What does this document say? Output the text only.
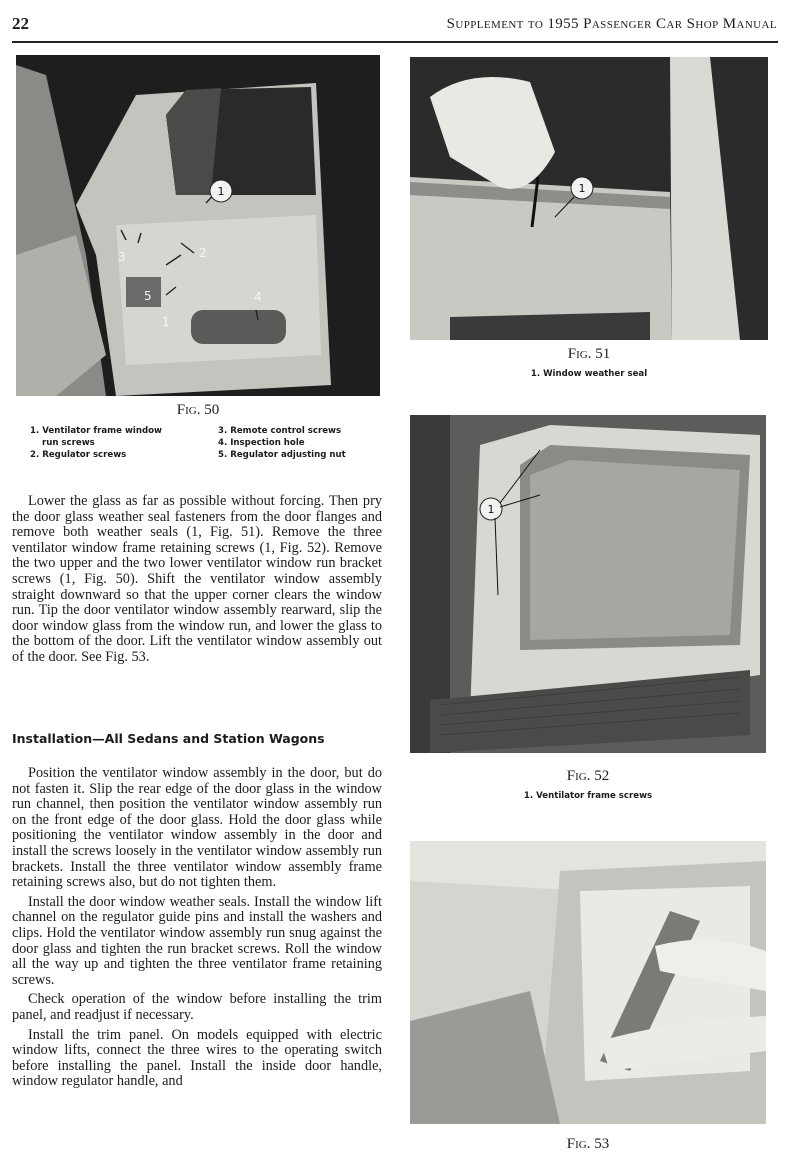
22	Supplement to 1955 Passenger Car Shop Manual
1
2
3
4
5
1
Fig. 50
1. Ventilator frame window
run screws
2. Regulator screws
3. Remote control screws
4. Inspection hole
5. Regulator adjusting nut

Lower the glass as far as possible without forcing. Then pry the door glass weather seal fasteners from the door flanges and remove both weather seals (1, Fig. 51). Remove the three ventilator window frame retaining screws (1, Fig. 52). Remove the two upper and the two lower ventilator window run bracket screws (1, Fig. 50). Shift the ventilator window assembly straight downward so that the upper corner clears the window run. Tip the door ventilator window assembly rearward, slip the door window glass from the window run, and lower the glass to the bottom of the door. Lift the ventilator window assembly out of the door. See Fig. 53.

Installation—All Sedans and Station Wagons

Position the ventilator window assembly in the door, but do not fasten it. Slip the rear edge of the door glass in the window run channel, then position the ventilator window assembly run on the front edge of the door glass. Hold the door glass while positioning the ventilator window assembly in the door and install the screws loosely in the ventilator window assembly run brackets. Install the three ventilator window assembly frame retaining screws also, but do not tighten them.

Install the door window weather seals. Install the window lift channel on the regulator guide pins and install the washers and clips. Hold the ventilator window assembly run snug against the door glass and tighten the run bracket screws. Roll the window all the way up and tighten the three ventilator frame retaining screws.

Check operation of the window before installing the trim panel, and readjust if necessary.

Install the trim panel. On models equipped with electric window lifts, connect the three wires to the operating switch before installing the panel. Install the inside door handle, window regulator handle, and

1
Fig. 51
1. Window weather seal
1
Fig. 52
1. Ventilator frame screws
Fig. 53
